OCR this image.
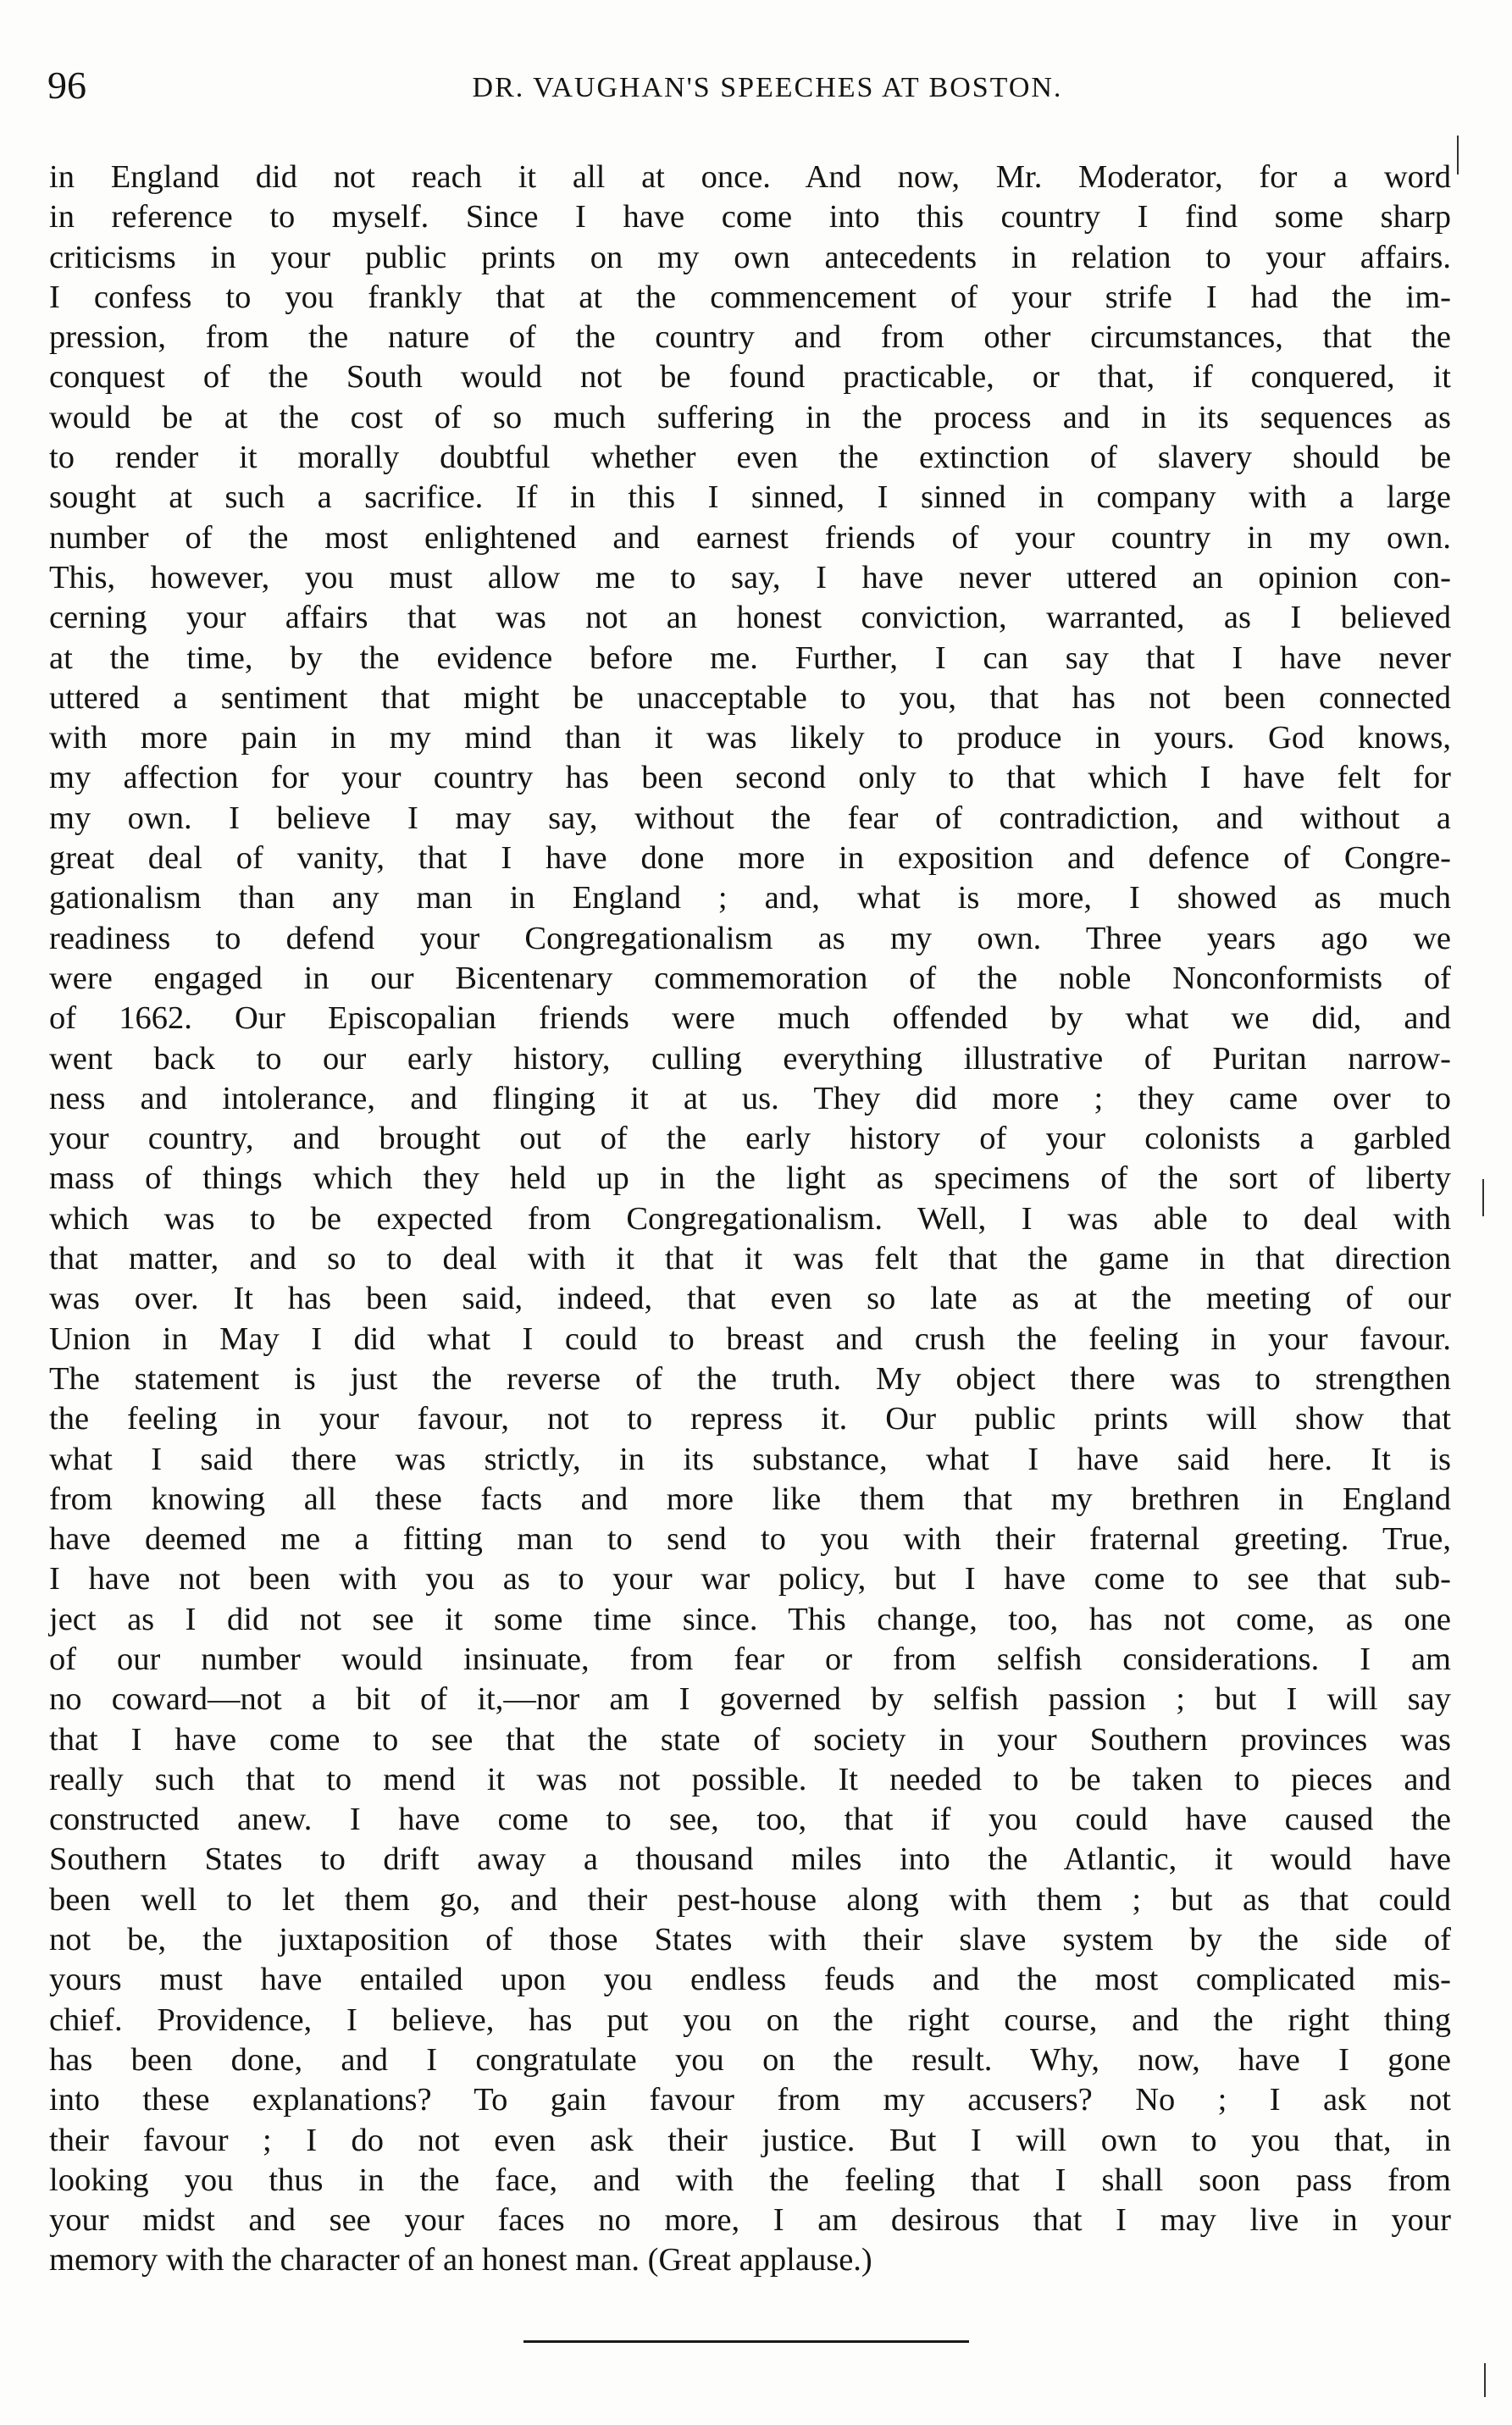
96	DR. VAUGHAN'S SPEECHES AT BOSTON.
in England did not reach it all at once. And now, Mr. Moderator, for a word
in reference to myself. Since I have come into this country I find some sharp
criticisms in your public prints on my own antecedents in relation to your affairs.
I confess to you frankly that at the commencement of your strife I had the im-
pression, from the nature of the country and from other circumstances, that the
conquest of the South would not be found practicable, or that, if conquered, it
would be at the cost of so much suffering in the process and in its sequences as
to render it morally doubtful whether even the extinction of slavery should be
sought at such a sacrifice. If in this I sinned, I sinned in company with a large
number of the most enlightened and earnest friends of your country in my own.
This, however, you must allow me to say, I have never uttered an opinion con-
cerning your affairs that was not an honest conviction, warranted, as I believed
at the time, by the evidence before me. Further, I can say that I have never
uttered a sentiment that might be unacceptable to you, that has not been connected
with more pain in my mind than it was likely to produce in yours. God knows,
my affection for your country has been second only to that which I have felt for
my own. I believe I may say, without the fear of contradiction, and without a
great deal of vanity, that I have done more in exposition and defence of Congre-
gationalism than any man in England ; and, what is more, I showed as much
readiness to defend your Congregationalism as my own. Three years ago we
were engaged in our Bicentenary commemoration of the noble Nonconformists of
of 1662. Our Episcopalian friends were much offended by what we did, and
went back to our early history, culling everything illustrative of Puritan narrow-
ness and intolerance, and flinging it at us. They did more ; they came over to
your country, and brought out of the early history of your colonists a garbled
mass of things which they held up in the light as specimens of the sort of liberty
which was to be expected from Congregationalism. Well, I was able to deal with
that matter, and so to deal with it that it was felt that the game in that direction
was over. It has been said, indeed, that even so late as at the meeting of our
Union in May I did what I could to breast and crush the feeling in your favour.
The statement is just the reverse of the truth. My object there was to strengthen
the feeling in your favour, not to repress it. Our public prints will show that
what I said there was strictly, in its substance, what I have said here. It is
from knowing all these facts and more like them that my brethren in England
have deemed me a fitting man to send to you with their fraternal greeting. True,
I have not been with you as to your war policy, but I have come to see that sub-
ject as I did not see it some time since. This change, too, has not come, as one
of our number would insinuate, from fear or from selfish considerations. I am
no coward—not a bit of it,—nor am I governed by selfish passion ; but I will say
that I have come to see that the state of society in your Southern provinces was
really such that to mend it was not possible. It needed to be taken to pieces and
constructed anew. I have come to see, too, that if you could have caused the
Southern States to drift away a thousand miles into the Atlantic, it would have
been well to let them go, and their pest-house along with them ; but as that could
not be, the juxtaposition of those States with their slave system by the side of
yours must have entailed upon you endless feuds and the most complicated mis-
chief. Providence, I believe, has put you on the right course, and the right thing
has been done, and I congratulate you on the result. Why, now, have I gone
into these explanations? To gain favour from my accusers? No ; I ask not
their favour ; I do not even ask their justice. But I will own to you that, in
looking you thus in the face, and with the feeling that I shall soon pass from
your midst and see your faces no more, I am desirous that I may live in your
memory with the character of an honest man. (Great applause.)
